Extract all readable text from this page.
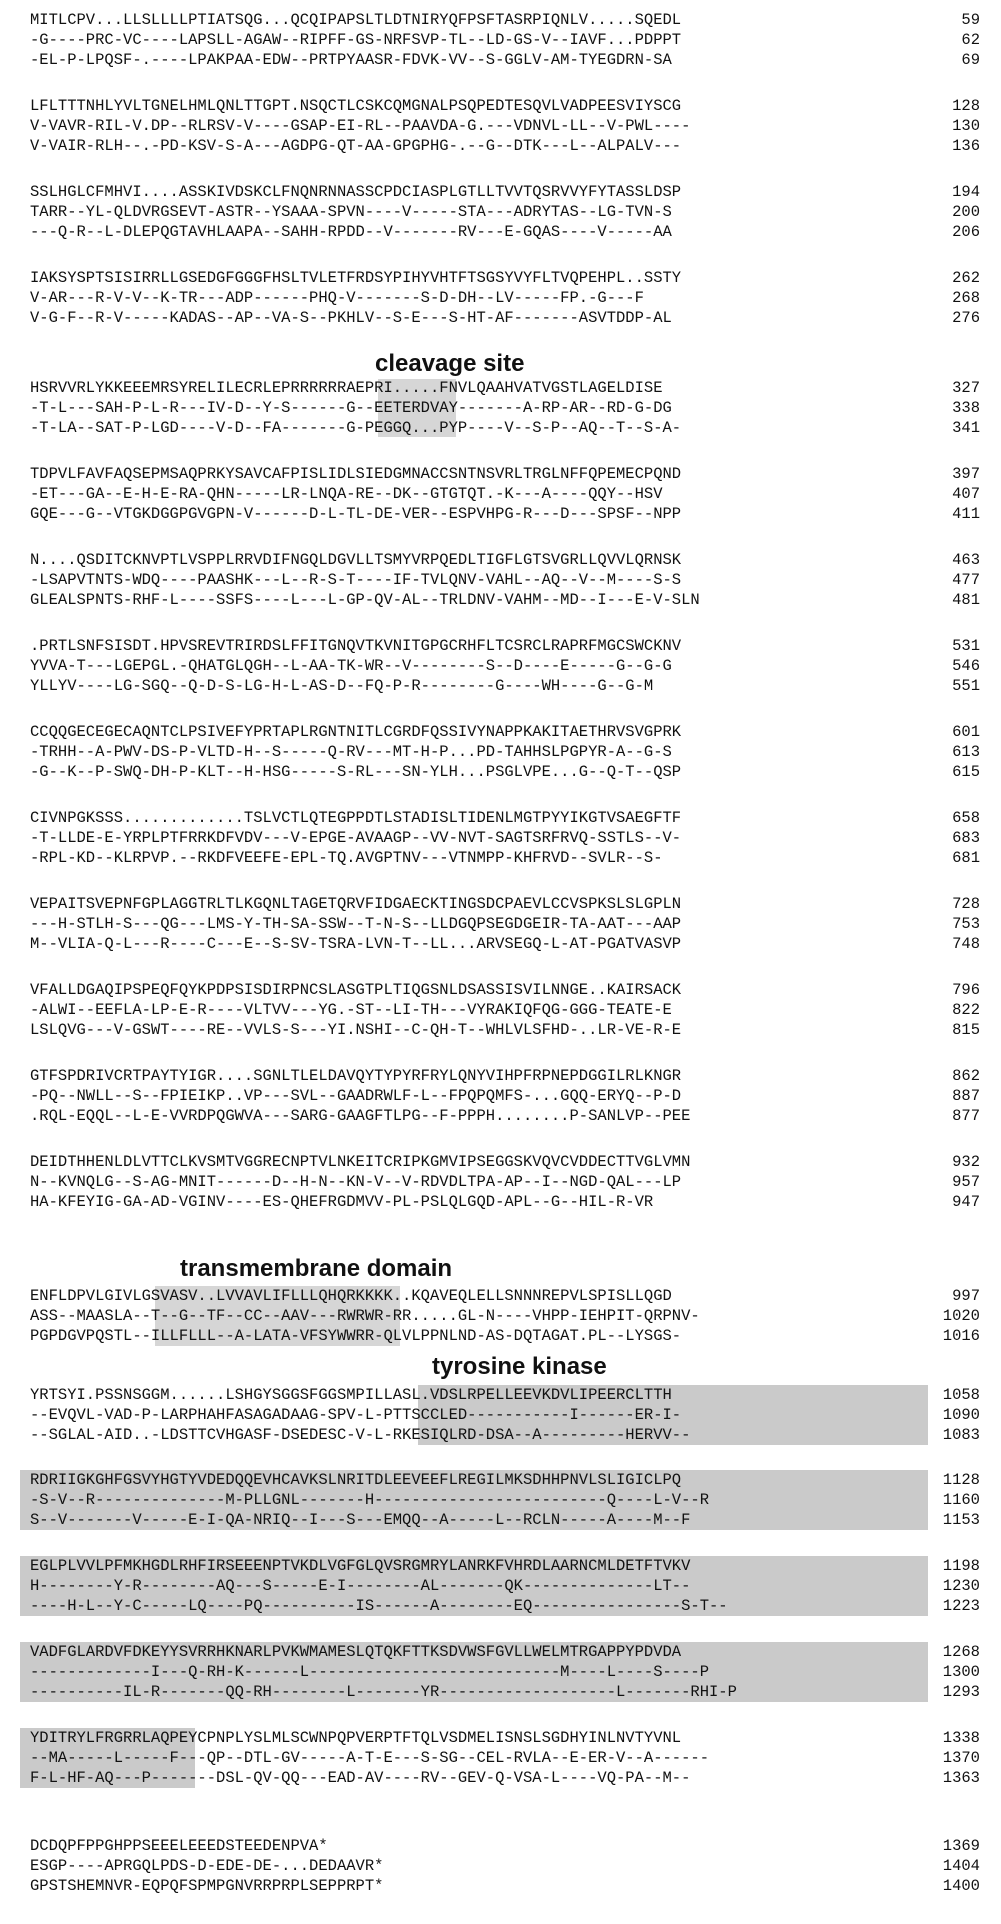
cleavage site
transmembrane domain
tyrosine kinase
MITLCPV...LLSLLLLPTIATSQG...QCQIPAPSLTLDTNIRYQFPSFTASRPIQNLV.....SQEDL	59
-G----PRC-VC----LAPSLL-AGAW--RIPFF-GS-NRFSVP-TL--LD-GS-V--IAVF...PDPPT	62
-EL-P-LPQSF-.----LPAKPAA-EDW--PRTPYAASR-FDVK-VV--S-GGLV-AM-TYEGDRN-SA	69
LFLTTTNHLYVLTGNELHMLQNLTTGPT.NSQCTLCSKCQMGNALPSQPEDTESQVLVADPEESVIYSCG	128
V-VAVR-RIL-V.DP--RLRSV-V----GSAP-EI-RL--PAAVDA-G.---VDNVL-LL--V-PWL----	130
V-VAIR-RLH--.-PD-KSV-S-A---AGDPG-QT-AA-GPGPHG-.--G--DTK---L--ALPALV---	136
SSLHGLCFMHVI....ASSKIVDSKCLFNQNRNNASSCPDCIASPLGTLLTVVTQSRVVYFYTASSLDSP	194
TARR--YL-QLDVRGSEVT-ASTR--YSAAA-SPVN----V-----STA---ADRYTAS--LG-TVN-S	200
---Q-R--L-DLEPQGTAVHLAAPA--SAHH-RPDD--V-------RV---E-GQAS----V-----AA	206
IAKSYSPTSISIRRLLGSEDGFGGGFHSLTVLETFRDSYPIHYVHTFTSGSYVYFLTVQPEHPL..SSTY	262
V-AR---R-V-V--K-TR---ADP------PHQ-V-------S-D-DH--LV-----FP.-G---F	268
V-G-F--R-V-----KADAS--AP--VA-S--PKHLV--S-E---S-HT-AF-------ASVTDDP-AL	276
HSRVVRLYKKEEEMRSYRELILECRLEPRRRRRRAEPRI.....FNVLQAAHVATVGSTLAGELDISE	327
-T-L---SAH-P-L-R---IV-D--Y-S------G--EETERDVAY-------A-RP-AR--RD-G-DG	338
-T-LA--SAT-P-LGD----V-D--FA-------G-PEGGQ...PYP----V--S-P--AQ--T--S-A-	341
TDPVLFAVFAQSEPMSAQPRKYSAVCAFPISLIDLSIEDGMNACCSNTNSVRLTRGLNFFQPEMECPQND	397
-ET---GA--E-H-E-RA-QHN-----LR-LNQA-RE--DK--GTGTQT.-K---A----QQY--HSV	407
GQE---G--VTGKDGGPGVGPN-V------D-L-TL-DE-VER--ESPVHPG-R---D---SPSF--NPP	411
N....QSDITCKNVPTLVSPPLRRVDIFNGQLDGVLLTSMYVRPQEDLTIGFLGTSVGRLLQVVLQRNSK	463
-LSAPVTNTS-WDQ----PAASHK---L--R-S-T----IF-TVLQNV-VAHL--AQ--V--M----S-S	477
GLEALSPNTS-RHF-L----SSFS----L---L-GP-QV-AL--TRLDNV-VAHM--MD--I---E-V-SLN	481
.PRTLSNFSISDT.HPVSREVTRIRDSLFFITGNQVTKVNITGPGCRHFLTCSRCLRAPRFMGCSWCKNV	531
YVVA-T---LGEPGL.-QHATGLQGH--L-AA-TK-WR--V--------S--D----E-----G--G-G	546
YLLYV----LG-SGQ--Q-D-S-LG-H-L-AS-D--FQ-P-R--------G----WH----G--G-M	551
CCQQGECEGECAQNTCLPSIVEFYPRTAPLRGNTNITLCGRDFQSSIVYNAPPKAKITAETHRVSVGPRK	601
-TRHH--A-PWV-DS-P-VLTD-H--S-----Q-RV---MT-H-P...PD-TAHHSLPGPYR-A--G-S	613
-G--K--P-SWQ-DH-P-KLT--H-HSG-----S-RL---SN-YLH...PSGLVPE...G--Q-T--QSP	615
CIVNPGKSSS.............TSLVCTLQTEGPPDTLSTADISLTIDENLMGTPYYIKGTVSAEGFTF	658
-T-LLDE-E-YRPLPTFRRKDFVDV---V-EPGE-AVAAGP--VV-NVT-SAGTSRFRVQ-SSTLS--V-	683
-RPL-KD--KLRPVP.--RKDFVEEFE-EPL-TQ.AVGPTNV---VTNMPP-KHFRVD--SVLR--S-	681
VEPAITSVEPNFGPLAGGTRLTLKGQNLTAGETQRVFIDGAECKTINGSDCPAEVLCCVSPKSLSLGPLN	728
---H-STLH-S---QG---LMS-Y-TH-SA-SSW--T-N-S--LLDGQPSEGDGEIR-TA-AAT---AAP	753
M--VLIA-Q-L---R----C---E--S-SV-TSRA-LVN-T--LL...ARVSEGQ-L-AT-PGATVASVP	748
VFALLDGAQIPSPEQFQYKPDPSISDIRPNCSLASGTPLTIQGSNLDSASSISVILNNGE..KAIRSACK	796
-ALWI--EEFLA-LP-E-R----VLTVV---YG.-ST--LI-TH---VYRAKIQFQG-GGG-TEATE-E	822
LSLQVG---V-GSWT----RE--VVLS-S---YI.NSHI--C-QH-T--WHLVLSFHD-..LR-VE-R-E	815
GTFSPDRIVCRTPAYTYIGR....SGNLTLELDAVQYTYPYRFRYLQNYVIHPFRPNEPDGGILRLKNGR	862
-PQ--NWLL--S--FPIEIKP..VP---SVL--GAADRWLF-L--FPQPQMFS-...GQQ-ERYQ--P-D	887
.RQL-EQQL--L-E-VVRDPQGWVA---SARG-GAAGFTLPG--F-PPPH........P-SANLVP--PEE	877
DEIDTHHENLDLVTTCLKVSMTVGGRECNPTVLNKEITCRIPKGMVIPSEGGSKVQVCVDDECTTVGLVMN	932
N--KVNQLG--S-AG-MNIT------D--H-N--KN-V--V-RDVDLTPA-AP--I--NGD-QAL---LP	957
HA-KFEYIG-GA-AD-VGINV----ES-QHEFRGDMVV-PL-PSLQLGQD-APL--G--HIL-R-VR	947
ENFLDPVLGIVLGSVASV..LVVAVLIFLLLQHQRKKKK..KQAVEQLELLSNNNREPVLSPISLLQGD	997
ASS--MAASLA--T--G--TF--CC--AAV---RWRWR-RR.....GL-N----VHPP-IEHPIT-QRPNV-	1020
PGPDGVPQSTL--ILLFLLL--A-LATA-VFSYWWRR-QLVLPPNLND-AS-DQTAGAT.PL--LYSGS-	1016
YRTSYI.PSSNSGGM......LSHGYSGGSFGGSMPILLASL.VDSLRPELLEEVKDVLIPEERCLTTH	1058
--EVQVL-VAD-P-LARPHAHFASAGADAAG-SPV-L-PTTSCCLED-----------I------ER-I-	1090
--SGLAL-AID..-LDSTTCVHGASF-DSEDESC-V-L-RKESIQLRD-DSA--A---------HERVV--	1083
RDRIIGKGHFGSVYHGTYVDEDQQEVHCAVKSLNRITDLEEVEEFLREGILMKSDHHPNVLSLIGICLPQ	1128
-S-V--R--------------M-PLLGNL-------H-------------------------Q----L-V--R	1160
S--V-------V-----E-I-QA-NRIQ--I---S---EMQQ--A-----L--RCLN-----A----M--F	1153
EGLPLVVLPFMKHGDLRHFIRSEEENPTVKDLVGFGLQVSRGMRYLANRKFVHRDLAARNCMLDETFTVKV	1198
H--------Y-R--------AQ---S-----E-I--------AL-------QK--------------LT--	1230
----H-L--Y-C-----LQ----PQ----------IS------A--------EQ----------------S-T--	1223
VADFGLARDVFDKEYYSVRRHKNARLPVKWMAMESLQTQKFTTKSDVWSFGVLLWELMTRGAPPYPDVDA	1268
-------------I---Q-RH-K------L---------------------------M----L----S----P	1300
----------IL-R-------QQ-RH--------L-------YR-------------------L-------RHI-P	1293
YDITRYLFRGRRLAQPEYCPNPLYSLMLSCWNPQPVERPTFTQLVSDMELISNSLSGDHYINLNVTYVNL	1338
--MA-----L-----F---QP--DTL-GV-----A-T-E---S-SG--CEL-RVLA--E-ER-V--A------	1370
F-L-HF-AQ---P-------DSL-QV-QQ---EAD-AV----RV--GEV-Q-VSA-L----VQ-PA--M--	1363
DCDQPFPPGHPPSEEELEEEDSTEEDENPVA*	1369
ESGP----APRGQLPDS-D-EDE-DE-...DEDAAVR*	1404
GPSTSHEMNVR-EQPQFSPMPGNVRRPRPLSEPPRPT*	1400
